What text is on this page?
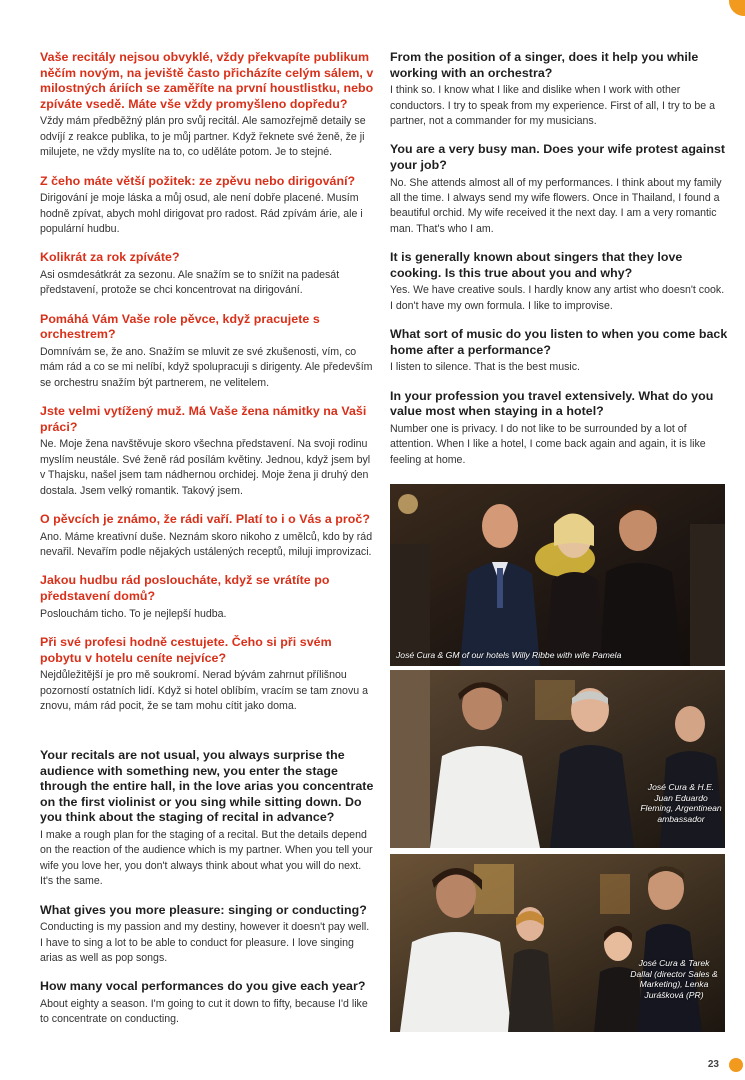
Vaše recitály nejsou obvyklé, vždy překvapíte publikum něčím novým, na jeviště často přicházíte celým sálem, v milostných áriích se zaměříte na první houstlistku, nebo zpíváte vsedě. Máte vše vždy promyšleno dopředu?
Vždy mám předběžný plán pro svůj recitál. Ale samozřejmě detaily se odvíjí z reakce publika, to je můj partner. Když řeknete své ženě, že ji milujete, ne vždy myslíte na to, co uděláte potom. Je to stejné.
Z čeho máte větší požitek: ze zpěvu nebo dirigování?
Dirigování je moje láska a můj osud, ale není dobře placené. Musím hodně zpívat, abych mohl dirigovat pro radost. Rád zpívám árie, ale i populární hudbu.
Kolikrát za rok zpíváte?
Asi osmdesátkrát za sezonu. Ale snažím se to snížit na padesát představení, protože se chci koncentrovat na dirigování.
Pomáhá Vám Vaše role pěvce, když pracujete s orchestrem?
Domnívám se, že ano. Snažím se mluvit ze své zkušenosti, vím, co mám rád a co se mi nelíbí, když spolupracuji s dirigenty. Ale především se orchestru snažím být partnerem, ne velitelem.
Jste velmi vytížený muž. Má Vaše žena námitky na Vaši práci?
Ne. Moje žena navštěvuje skoro všechna představení. Na svoji rodinu myslím neustále. Své ženě rád posílám květiny. Jednou, když jsem byl v Thajsku, našel jsem tam nádhernou orchidej. Moje žena ji druhý den dostala. Jsem velký romantik. Takový jsem.
O pěvcích je známo, že rádi vaří. Platí to i o Vás a proč?
Ano. Máme kreativní duše. Neznám skoro nikoho z umělců, kdo by rád nevařil. Nevařím podle nějakých ustálených receptů, miluji improvizaci.
Jakou hudbu rád posloucháte, když se vrátíte po představení domů?
Poslouchám ticho. To je nejlepší hudba.
Při své profesi hodně cestujete. Čeho si při svém pobytu v hotelu ceníte nejvíce?
Nejdůležitější je pro mě soukromí. Nerad bývám zahrnut přílišnou pozorností ostatních lidí. Když si hotel oblíbím, vracím se tam znovu a znovu, mám rád pocit, že se tam mohu cítit jako doma.
Your recitals are not usual, you always surprise the audience with something new, you enter the stage through the entire hall, in the love arias you concentrate on the first violinist or you sing while sitting down. Do you think about the staging of recital in advance?
I make a rough plan for the staging of a recital. But the details depend on the reaction of the audience which is my partner. When you tell your wife you love her, you don't always think about what you will do next. It's the same.
What gives you more pleasure: singing or conducting?
Conducting is my passion and my destiny, however it doesn't pay well. I have to sing a lot to be able to conduct for pleasure. I love singing arias as well as pop songs.
How many vocal performances do you give each year?
About eighty a season. I'm going to cut it down to fifty, because I'd like to concentrate on conducting.
From the position of a singer, does it help you while working with an orchestra?
I think so. I know what I like and dislike when I work with other conductors. I try to speak from my experience. First of all, I try to be a partner, not a commander for my musicians.
You are a very busy man. Does your wife protest against your job?
No. She attends almost all of my performances. I think about my family all the time. I always send my wife flowers. Once in Thailand, I found a beautiful orchid. My wife received it the next day. I am a very romantic man. That's who I am.
It is generally known about singers that they love cooking. Is this true about you and why?
Yes. We have creative souls. I hardly know any artist who doesn't cook. I don't have my own formula. I like to improvise.
What sort of music do you listen to when you come back home after a performance?
I listen to silence. That is the best music.
In your profession you travel extensively. What do you value most when staying in a hotel?
Number one is privacy. I do not like to be surrounded by a lot of attention. When I like a hotel, I come back again and again, it is like feeling at home.
José Cura & GM of our hotels Willy Ribbe with wife Pamela
José Cura & H.E. Juan Eduardo Fleming, Argentinean ambassador
José Cura & Tarek Dallal (director Sales & Marketing), Lenka Jurášková (PR)
23
